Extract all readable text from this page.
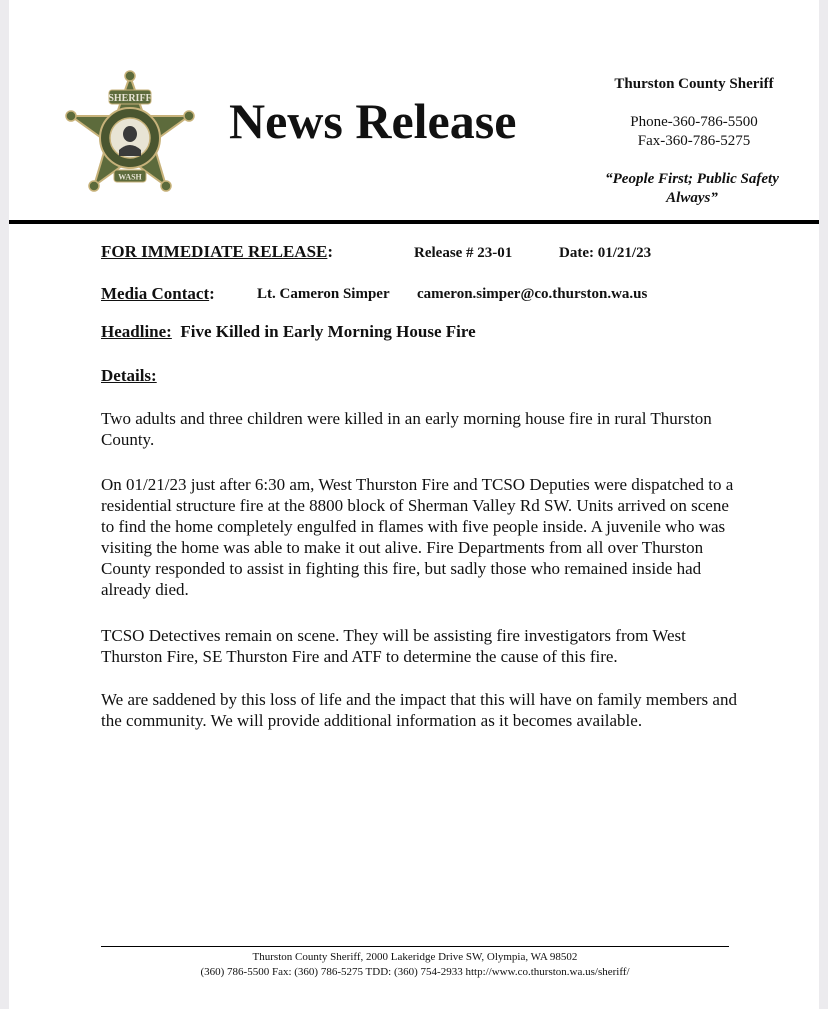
SHERIFF
WASH
News Release
Thurston County Sheriff
Phone-360-786-5500
Fax-360-786-5275
“People First; Public Safety
Always”
FOR IMMEDIATE RELEASE:	Release # 23-01	Date: 01/21/23
Media Contact:	Lt. Cameron Simper cameron.simper@co.thurston.wa.us
Headline: Five Killed in Early Morning House Fire
Details:
Two adults and three children were killed in an early morning house fire in rural Thurston County.
On 01/21/23 just after 6:30 am, West Thurston Fire and TCSO Deputies were dispatched to a residential structure fire at the 8800 block of Sherman Valley Rd SW. Units arrived on scene to find the home completely engulfed in flames with five people inside. A juvenile who was visiting the home was able to make it out alive. Fire Departments from all over Thurston County responded to assist in fighting this fire, but sadly those who remained inside had already died.
TCSO Detectives remain on scene. They will be assisting fire investigators from West Thurston Fire, SE Thurston Fire and ATF to determine the cause of this fire.
We are saddened by this loss of life and the impact that this will have on family members and the community. We will provide additional information as it becomes available.
Thurston County Sheriff, 2000 Lakeridge Drive SW, Olympia, WA 98502
(360) 786-5500 Fax: (360) 786-5275 TDD: (360) 754-2933 http://www.co.thurston.wa.us/sheriff/
